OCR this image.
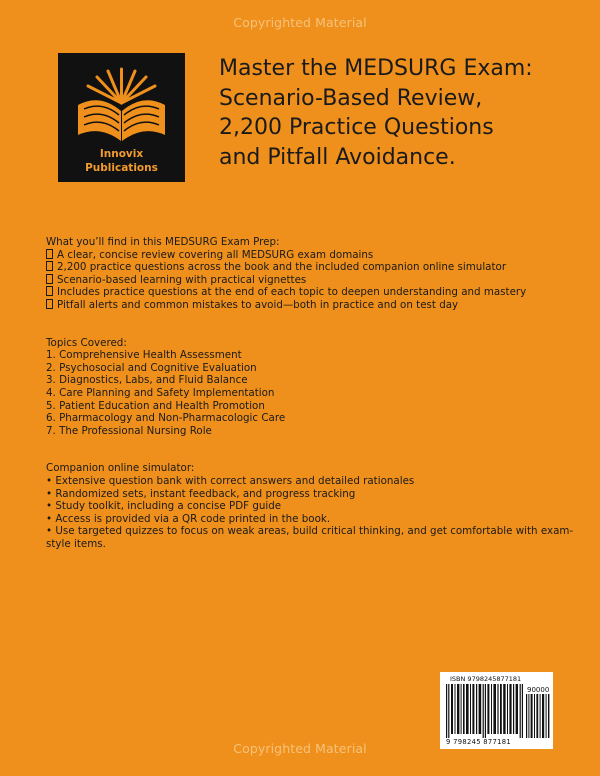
Copyrighted Material
Innovix
Publications
Master the MEDSURG Exam:
Scenario-Based Review,
2,200 Practice Questions
and Pitfall Avoidance.
What you’ll find in this MEDSURG Exam Prep:
A clear, concise review covering all MEDSURG exam domains
2,200 practice questions across the book and the included companion online simulator
Scenario-based learning with practical vignettes
Includes practice questions at the end of each topic to deepen understanding and mastery
Pitfall alerts and common mistakes to avoid—both in practice and on test day
Topics Covered:
1. Comprehensive Health Assessment
2. Psychosocial and Cognitive Evaluation
3. Diagnostics, Labs, and Fluid Balance
4. Care Planning and Safety Implementation
5. Patient Education and Health Promotion
6. Pharmacology and Non-Pharmacologic Care
7. The Professional Nursing Role
Companion online simulator:
• Extensive question bank with correct answers and detailed rationales
• Randomized sets, instant feedback, and progress tracking
• Study toolkit, including a concise PDF guide
• Access is provided via a QR code printed in the book.
• Use targeted quizzes to focus on weak areas, build critical thinking, and get comfortable with exam-
style items.
ISBN 9798245877181
90000
9 798245 877181
Copyrighted Material
